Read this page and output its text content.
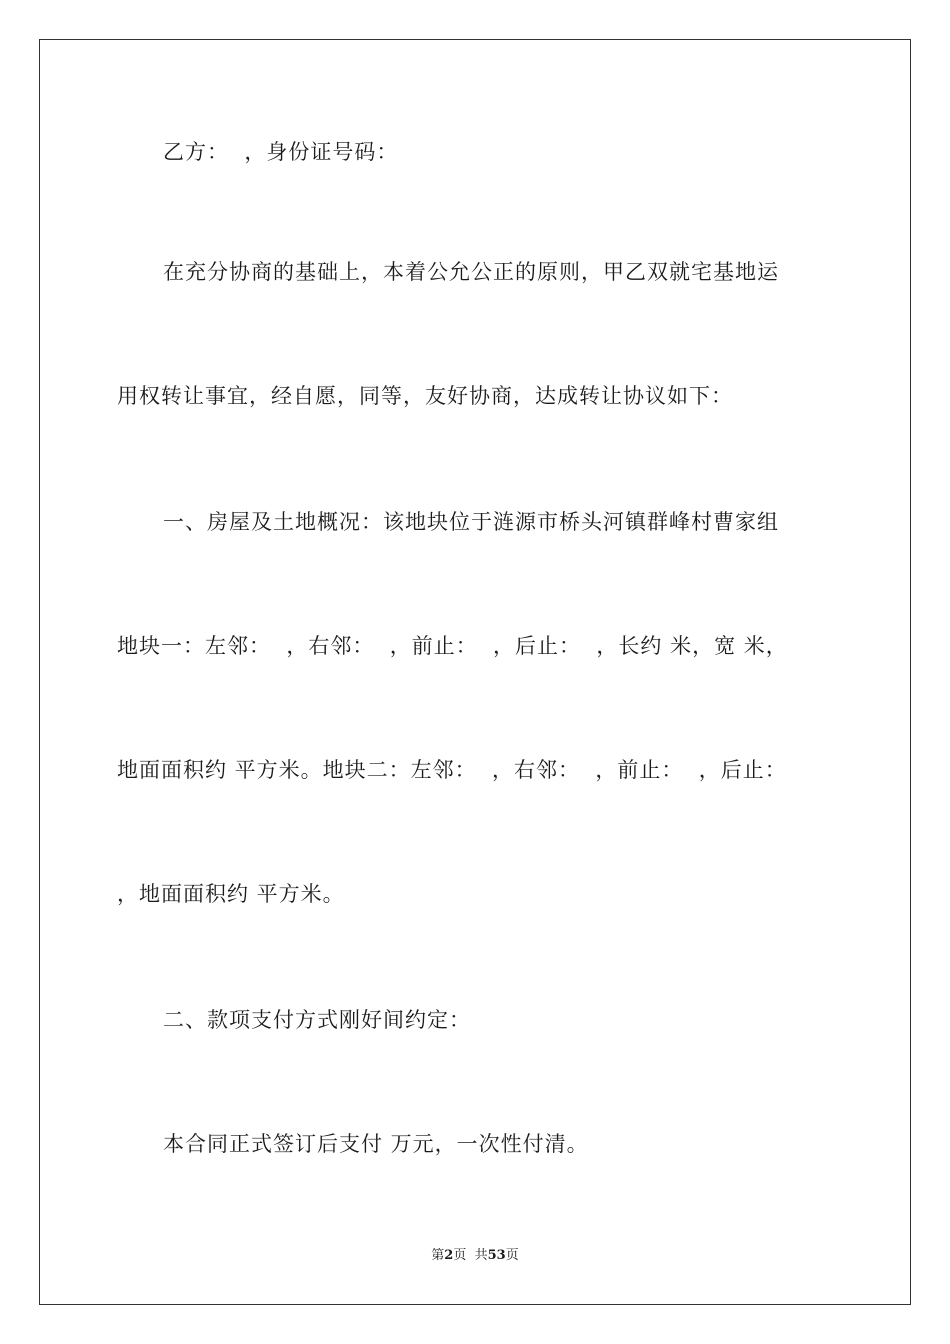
乙方：  ，身份证号码：
在充分协商的基础上，本着公允公正的原则，甲乙双就宅基地运
用权转让事宜，经自愿，同等，友好协商，达成转让协议如下：
一、房屋及土地概况：该地块位于涟源市桥头河镇群峰村曹家组
地块一：左邻：  ，右邻：  ，前止：  ，后止：  ，长约 米，宽 米，
地面面积约 平方米。地块二：左邻：  ，右邻：  ，前止：  ，后止：
，地面面积约 平方米。
二、款项支付方式刚好间约定：
本合同正式签订后支付 万元，一次性付清。
第2页  共53页
